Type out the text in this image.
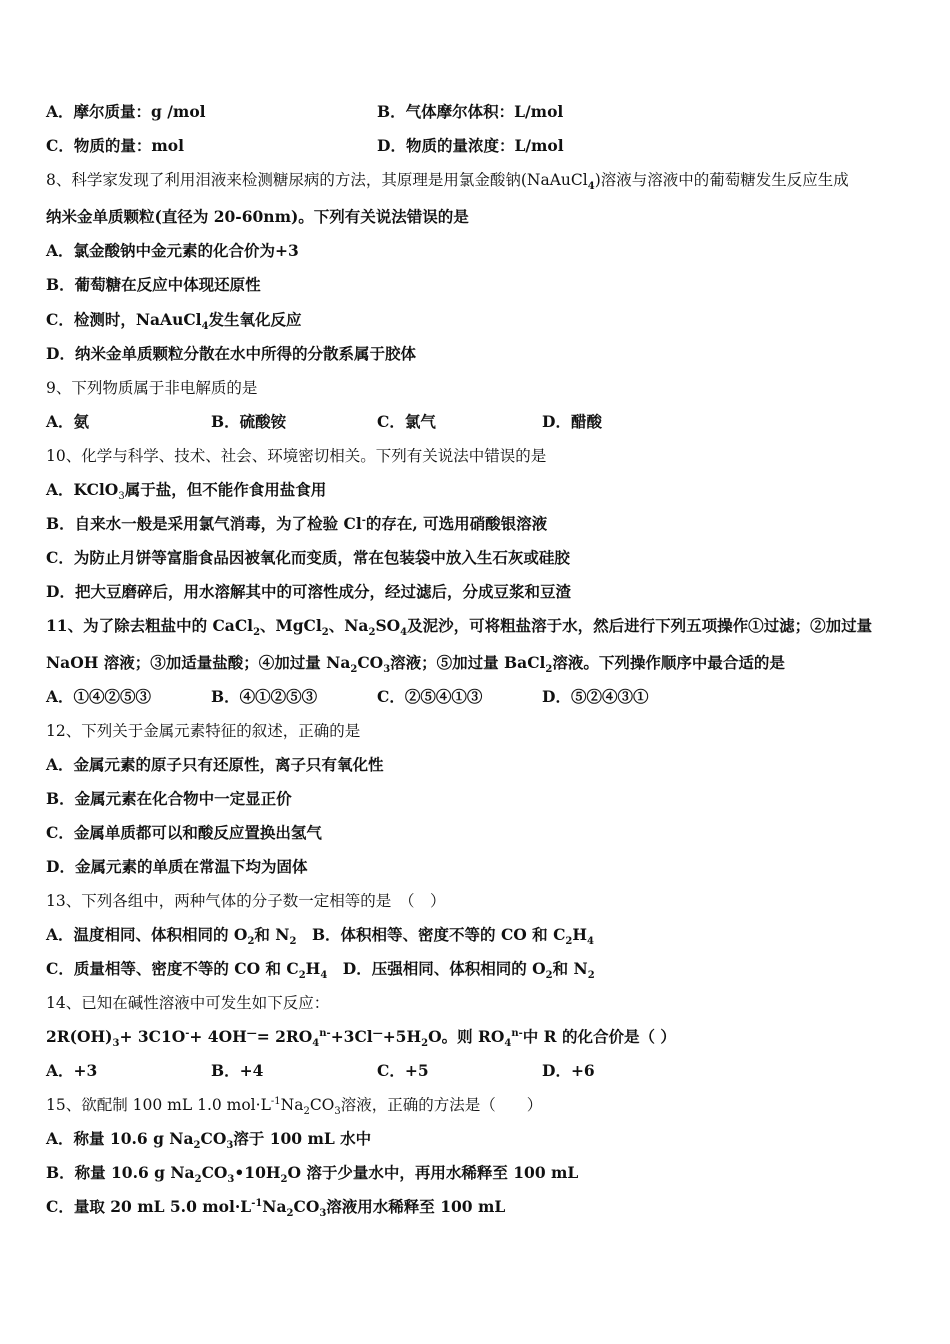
A．摩尔质量：g /mol	B．气体摩尔体积：L/mol
C．物质的量：mol	D．物质的量浓度：L/mol
8、科学家发现了利用泪液来检测糖尿病的方法，其原理是用氯金酸钠(NaAuCl$_4$)溶液与溶液中的葡萄糖发生反应生成
纳米金单质颗粒(直径为 20-60nm)。下列有关说法错误的是
A．氯金酸钠中金元素的化合价为+3
B．葡萄糖在反应中体现还原性
C．检测时，NaAuCl$_4$发生氧化反应
D．纳米金单质颗粒分散在水中所得的分散系属于胶体
9、下列物质属于非电解质的是
A．氨	B．硫酸铵	C．氯气	D．醋酸
10、化学与科学、技术、社会、环境密切相关。下列有关说法中错误的是
A．KClO$_3$属于盐，但不能作食用盐食用
B．自来水一般是采用氯气消毒，为了检验 Cl-的存在, 可选用硝酸银溶液
C．为防止月饼等富脂食品因被氧化而变质，常在包装袋中放入生石灰或硅胶
D．把大豆磨碎后，用水溶解其中的可溶性成分，经过滤后，分成豆浆和豆渣
11、为了除去粗盐中的 CaCl$_2$、MgCl$_2$、$Na_2SO_4$及泥沙，可将粗盐溶于水，然后进行下列五项操作①过滤；②加过量
NaOH 溶液；③加适量盐酸；④加过量 $Na_2CO_3$溶液；⑤加过量 BaCl$_2$溶液。下列操作顺序中最合适的是
A．①④②⑤③	B．④①②⑤③	C．②⑤④①③	D．⑤②④③①
12、下列关于金属元素特征的叙述，正确的是
A．金属元素的原子只有还原性，离子只有氧化性
B．金属元素在化合物中一定显正价
C．金属单质都可以和酸反应置换出氢气
D．金属元素的单质在常温下均为固体
13、下列各组中，两种气体的分子数一定相等的是　（　）
A．温度相同、体积相同的 $O_2$和 $N_2$　B．体积相等、密度不等的 CO 和 $C_2H_4$
C．质量相等、密度不等的 CO 和 $C_2H_4$　D．压强相同、体积相同的 $O_2$和 $N_2$
14、已知在碱性溶液中可发生如下反应：
$2R(OH)_3+ 3C1O^-+ 4OH^—= 2RO_4^{n-}+3Cl^—+5H_2O$。则 $RO_4^{n-}$中 R 的化合价是（ ）
A．+3	B．+4	C．+5	D．+6
15、欲配制 100 mL 1.0 $mol\cdot L^{-1}Na_2CO_3$溶液，正确的方法是（　　）
A．称量 10.6 g $Na_2CO_3$溶于 100 mL 水中
B．称量 10.6 g $Na_2CO_3•10H_2O$ 溶于少量水中，再用水稀释至 100 mL
C．量取 20 mL 5.0 $mol\cdot L^{-1}Na_2CO_3$溶液用水稀释至 100 mL
